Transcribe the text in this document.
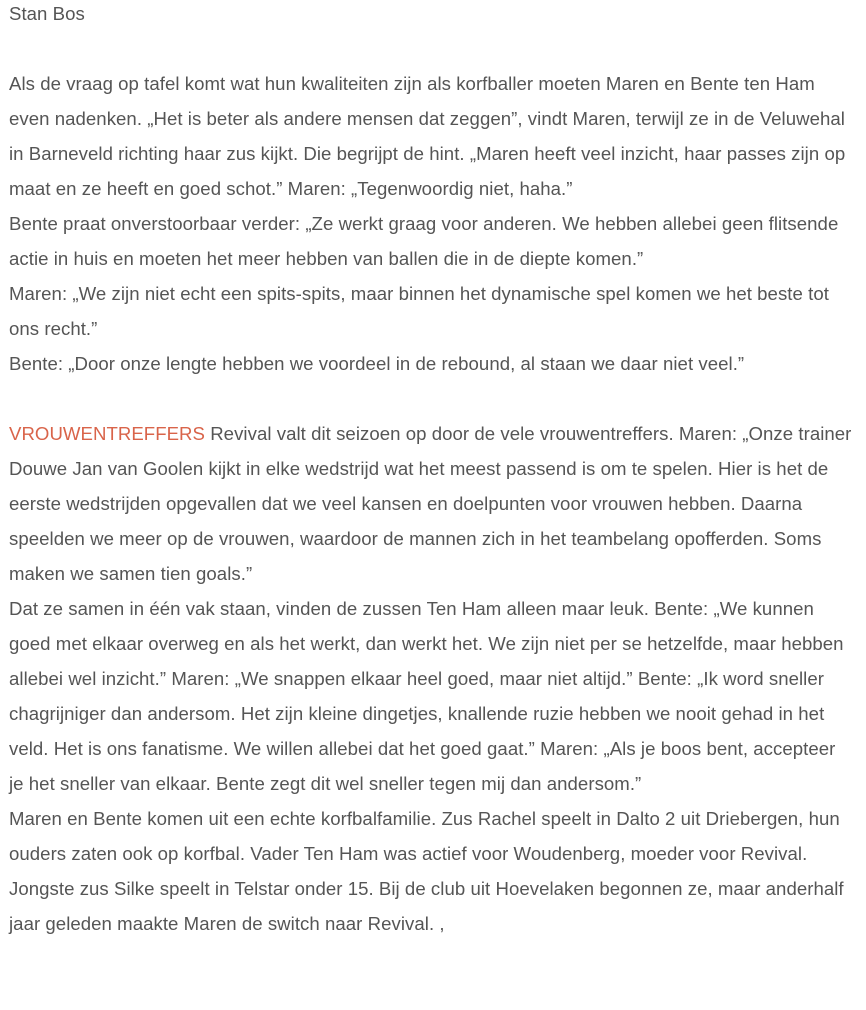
Stan Bos

Als de vraag op tafel komt wat hun kwaliteiten zijn als korfballer moeten Maren en Bente ten Ham even nadenken. „Het is beter als andere mensen dat zeggen”, vindt Maren, terwijl ze in de Veluwehal in Barneveld richting haar zus kijkt. Die begrijpt de hint. „Maren heeft veel inzicht, haar passes zijn op maat en ze heeft en goed schot.” Maren: „Tegenwoordig niet, haha.”

Bente praat onverstoorbaar verder: „Ze werkt graag voor anderen. We hebben allebei geen flitsende actie in huis en moeten het meer hebben van ballen die in de diepte komen.”

Maren: „We zijn niet echt een spits-spits, maar binnen het dynamische spel komen we het beste tot ons recht.”

Bente: „Door onze lengte hebben we voordeel in de rebound, al staan we daar niet veel.”

VROUWENTREFFERS Revival valt dit seizoen op door de vele vrouwentreffers. Maren: „Onze trainer Douwe Jan van Goolen kijkt in elke wedstrijd wat het meest passend is om te spelen. Hier is het de eerste wedstrijden opgevallen dat we veel kansen en doelpunten voor vrouwen hebben. Daarna speelden we meer op de vrouwen, waardoor de mannen zich in het teambelang opofferden. Soms maken we samen tien goals.”

Dat ze samen in één vak staan, vinden de zussen Ten Ham alleen maar leuk. Bente: „We kunnen goed met elkaar overweg en als het werkt, dan werkt het. We zijn niet per se hetzelfde, maar hebben allebei wel inzicht.” Maren: „We snappen elkaar heel goed, maar niet altijd.” Bente: „Ik word sneller chagrijniger dan andersom. Het zijn kleine dingetjes, knallende ruzie hebben we nooit gehad in het veld. Het is ons fanatisme. We willen allebei dat het goed gaat.” Maren: „Als je boos bent, accepteer je het sneller van elkaar. Bente zegt dit wel sneller tegen mij dan andersom.”

Maren en Bente komen uit een echte korfbalfamilie. Zus Rachel speelt in Dalto 2 uit Driebergen, hun ouders zaten ook op korfbal. Vader Ten Ham was actief voor Woudenberg, moeder voor Revival. Jongste zus Silke speelt in Telstar onder 15. Bij de club uit Hoevelaken begonnen ze, maar anderhalf jaar geleden maakte Maren de switch naar Revival. ,
